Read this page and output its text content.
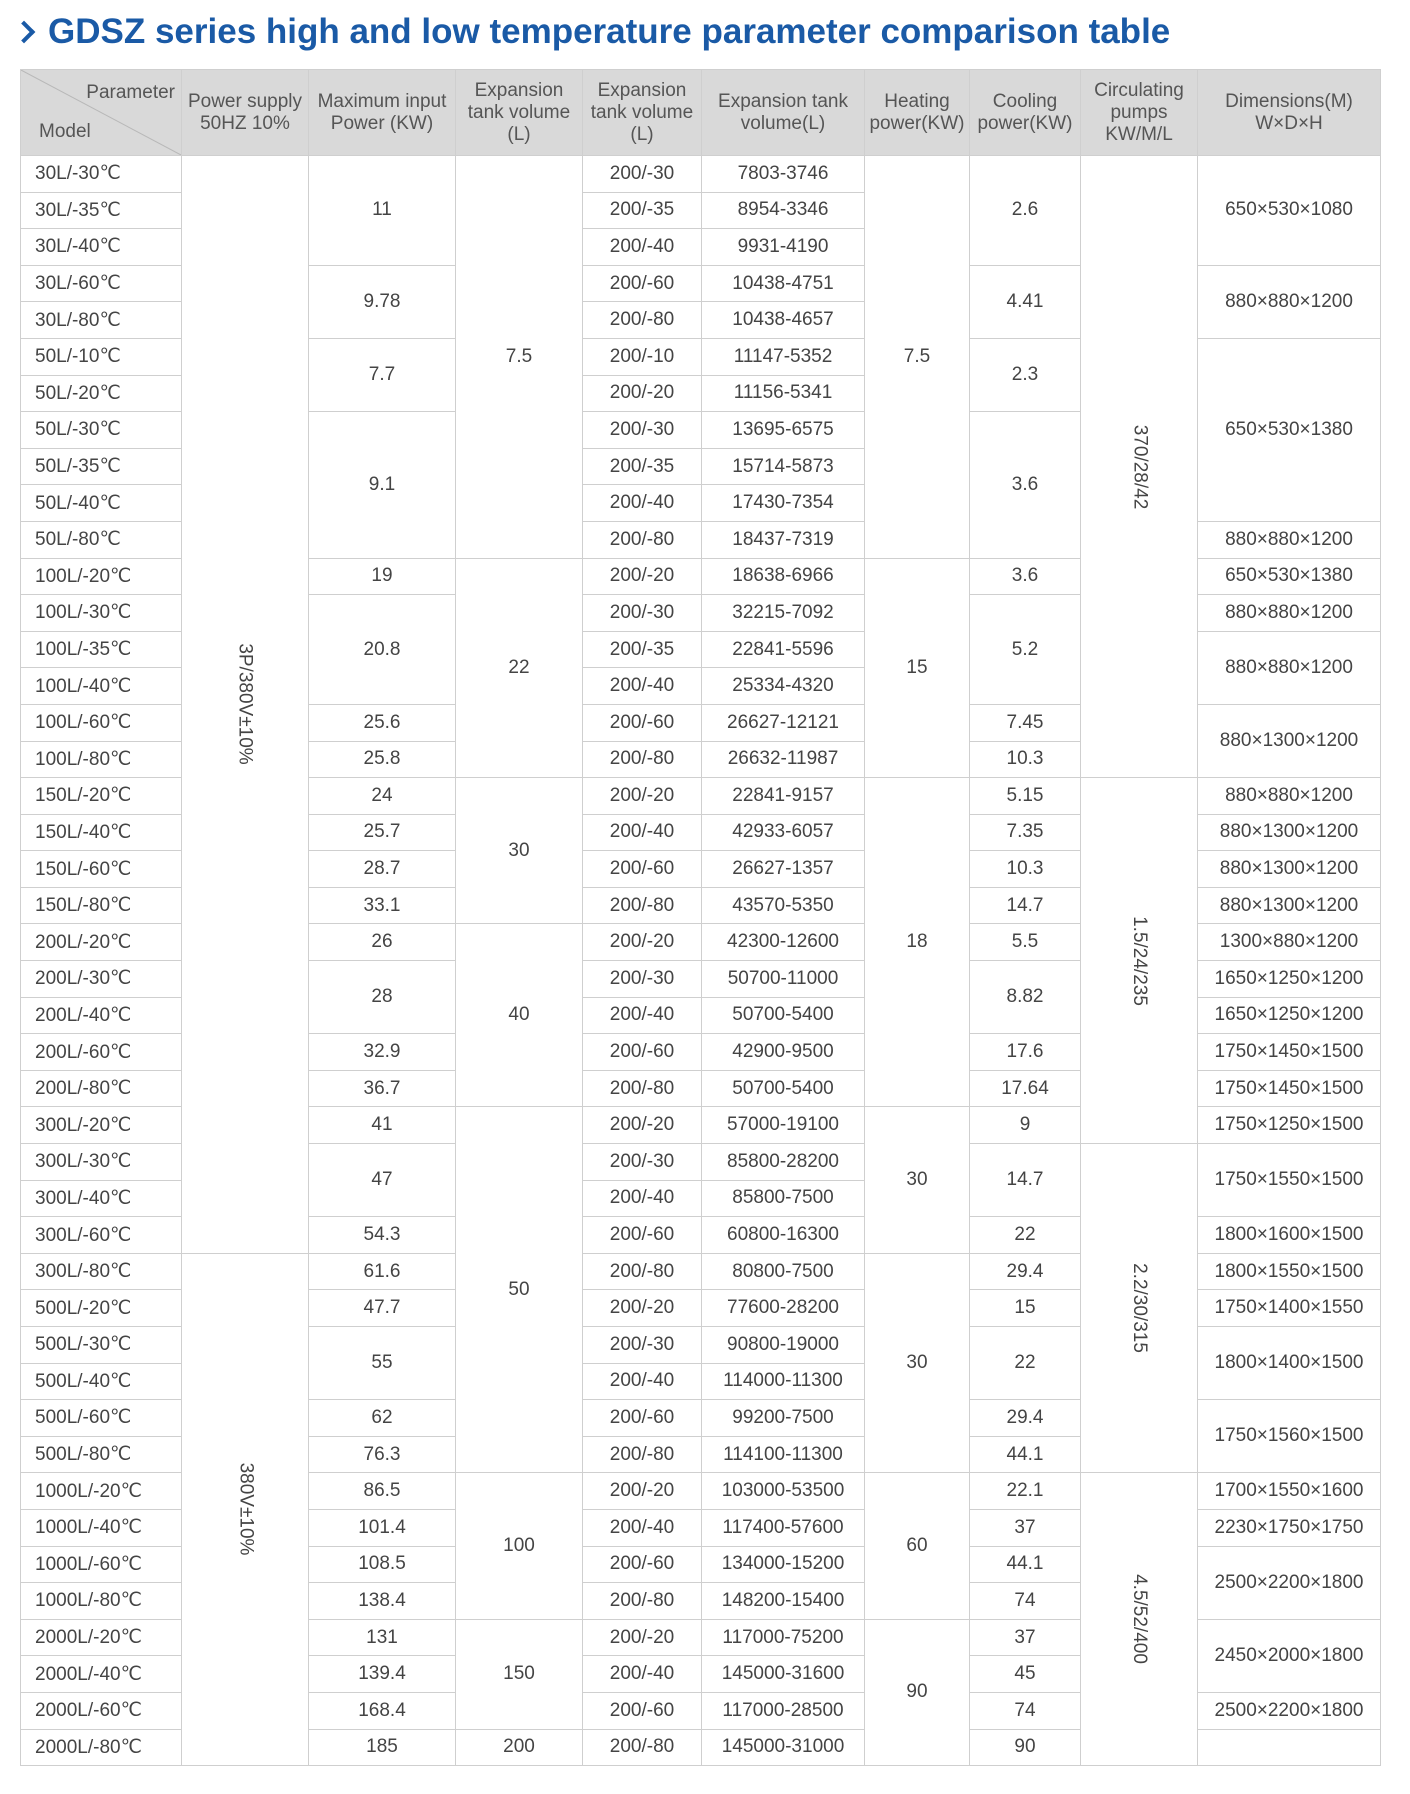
GDSZ series high and low temperature parameter comparison table
Parameter
Model	Power supply 50HZ 10%	Maximum input Power (KW)	Expansion tank volume (L)	Expansion tank volume (L)	Expansion tank volume(L)	Heating power(KW)	Cooling power(KW)	Circulating pumps KW/M/L	Dimensions(M) W×D×H
30L/-30℃	3P/380V±10%	11	7.5	200/-30	7803-3746	7.5	2.6	370/28/42	650×530×1080
30L/-35℃				200/-35	8954-3346				
30L/-40℃				200/-40	9931-4190				
30L/-60℃		9.78		200/-60	10438-4751		4.41		880×880×1200
30L/-80℃				200/-80	10438-4657				
50L/-10℃		7.7		200/-10	11147-5352		2.3		650×530×1380
50L/-20℃				200/-20	11156-5341				
50L/-30℃		9.1		200/-30	13695-6575		3.6		
50L/-35℃				200/-35	15714-5873				
50L/-40℃				200/-40	17430-7354				
50L/-80℃				200/-80	18437-7319				880×880×1200
100L/-20℃		19	22	200/-20	18638-6966	15	3.6		650×530×1380
100L/-30℃		20.8		200/-30	32215-7092		5.2		880×880×1200
100L/-35℃				200/-35	22841-5596				880×880×1200
100L/-40℃				200/-40	25334-4320				
100L/-60℃		25.6		200/-60	26627-12121		7.45		880×1300×1200
100L/-80℃		25.8		200/-80	26632-11987		10.3		
150L/-20℃		24	30	200/-20	22841-9157	18	5.15	1.5/24/235	880×880×1200
150L/-40℃		25.7		200/-40	42933-6057		7.35		880×1300×1200
150L/-60℃		28.7		200/-60	26627-1357		10.3		880×1300×1200
150L/-80℃		33.1		200/-80	43570-5350		14.7		880×1300×1200
200L/-20℃		26	40	200/-20	42300-12600		5.5		1300×880×1200
200L/-30℃		28		200/-30	50700-11000		8.82		1650×1250×1200
200L/-40℃				200/-40	50700-5400				1650×1250×1200
200L/-60℃		32.9		200/-60	42900-9500		17.6		1750×1450×1500
200L/-80℃		36.7		200/-80	50700-5400		17.64		1750×1450×1500
300L/-20℃		41	50	200/-20	57000-19100	30	9		1750×1250×1500
300L/-30℃		47		200/-30	85800-28200		14.7	2.2/30/315	1750×1550×1500
300L/-40℃				200/-40	85800-7500				
300L/-60℃		54.3		200/-60	60800-16300		22		1800×1600×1500
300L/-80℃	380V±10%	61.6		200/-80	80800-7500	30	29.4		1800×1550×1500
500L/-20℃		47.7		200/-20	77600-28200		15		1750×1400×1550
500L/-30℃		55		200/-30	90800-19000		22		1800×1400×1500
500L/-40℃				200/-40	114000-11300				
500L/-60℃		62		200/-60	99200-7500		29.4		1750×1560×1500
500L/-80℃		76.3		200/-80	114100-11300		44.1		
1000L/-20℃		86.5	100	200/-20	103000-53500	60	22.1	4.5/52/400	1700×1550×1600
1000L/-40℃		101.4		200/-40	117400-57600		37		2230×1750×1750
1000L/-60℃		108.5		200/-60	134000-15200		44.1		2500×2200×1800
1000L/-80℃		138.4		200/-80	148200-15400		74		
2000L/-20℃		131	150	200/-20	117000-75200	90	37		2450×2000×1800
2000L/-40℃		139.4		200/-40	145000-31600		45		
2000L/-60℃		168.4		200/-60	117000-28500		74		2500×2200×1800
2000L/-80℃		185	200	200/-80	145000-31000		90		
